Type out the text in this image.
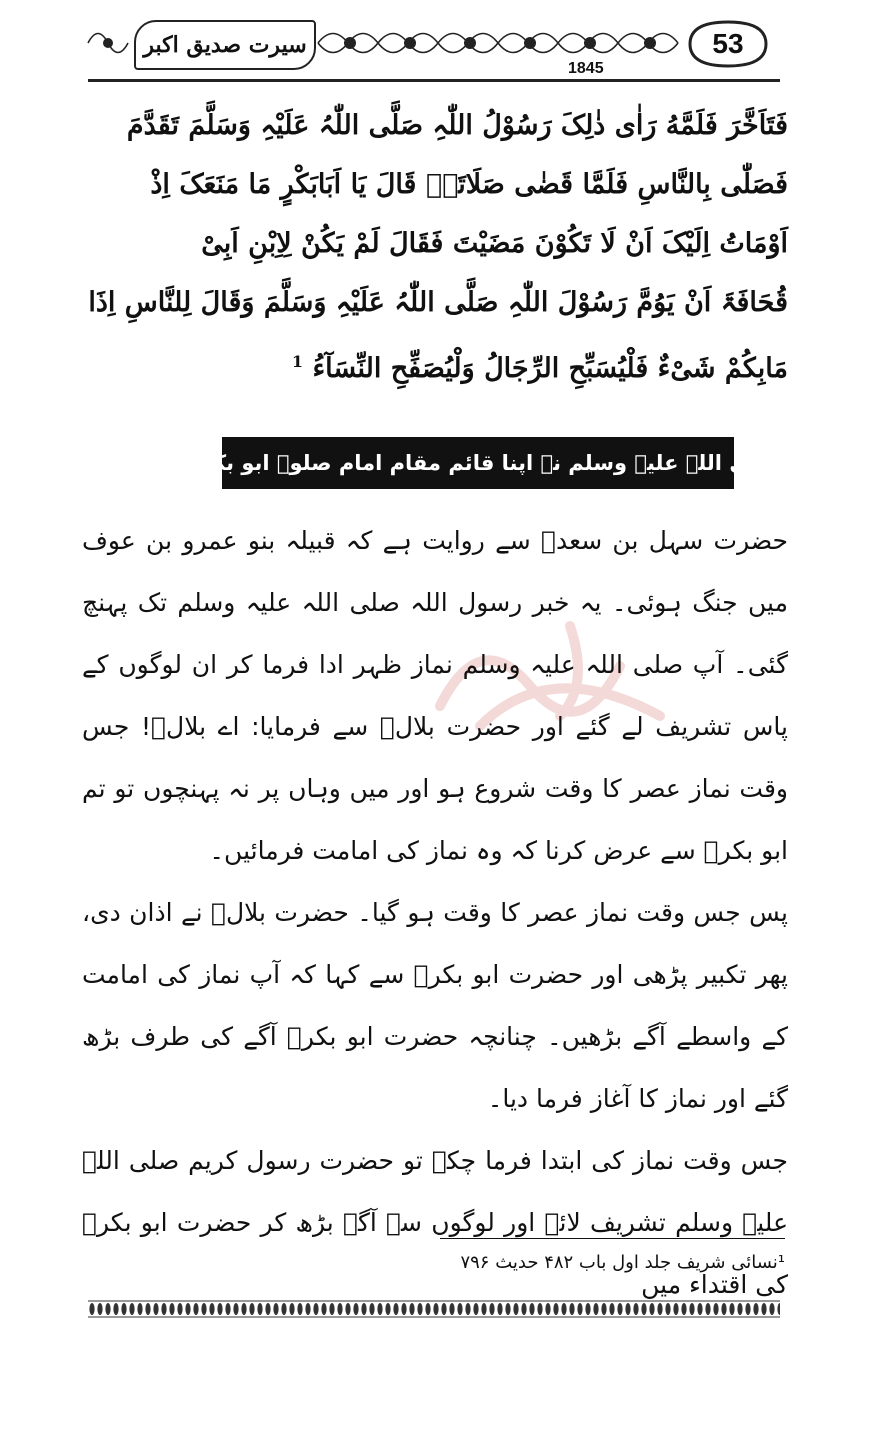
سیرت صدیق اکبر	53
1845
فَتَاَخَّرَ فَلَمَّهُ رَاٰی ذٰلِکَ رَسُوْلُ اللّٰہِ صَلَّی اللّٰہُ عَلَیْہِ وَسَلَّمَ تَقَدَّمَ
فَصَلّٰی بِالنَّاسِ فَلَمَّا قَضٰی صَلَاتَہٗ قَالَ یَا اَبَابَکْرٍ مَا مَنَعَکَ اِذْ
اَوْمَاتُ اِلَیْکَ اَنْ لَا تَکُوْنَ مَضَیْتَ فَقَالَ لَمْ یَکُنْ لِاِبْنِ اَبِیْ
قُحَافَۃَ اَنْ یَوُمَّ رَسُوْلَ اللّٰہِ صَلَّی اللّٰہُ عَلَیْہِ وَسَلَّمَ وَقَالَ لِلنَّاسِ اِذَا
مَابِکُمْ شَیْءٌ فَلْیُسَبِّحِ الرِّجَالُ وَلْیُصَفِّحِ النِّسَآءُ $^1$
حضور صلی اللہ علیہ وسلم نے اپنا قائم مقام امام صلوۃ ابو بکرؓ کو بنایا

حضرت سہل بن سعدؓ سے روایت ہے کہ قبیلہ بنو عمرو بن عوف میں جنگ ہوئی۔ یہ خبر رسول اللہ صلی اللہ علیہ وسلم تک پہنچ گئی۔ آپ صلی اللہ علیہ وسلم نماز ظہر ادا فرما کر ان لوگوں کے پاس تشریف لے گئے اور حضرت بلالؓ سے فرمایا: اے بلالؓ! جس وقت نماز عصر کا وقت شروع ہو اور میں وہاں پر نہ پہنچوں تو تم ابو بکرؓ سے عرض کرنا کہ وہ نماز کی امامت فرمائیں۔

پس جس وقت نماز عصر کا وقت ہو گیا۔ حضرت بلالؓ نے اذان دی، پھر تکبیر پڑھی اور حضرت ابو بکرؓ سے کہا کہ آپ نماز کی امامت کے واسطے آگے بڑھیں۔ چنانچہ حضرت ابو بکرؓ آگے کی طرف بڑھ گئے اور نماز کا آغاز فرما دیا۔

جس وقت نماز کی ابتدا فرما چکے تو حضرت رسول کریم صلی اللہ علیہ وسلم تشریف لائے اور لوگوں سے آگے بڑھ کر حضرت ابو بکرؓ کی اقتداء میں

¹نسائی شریف جلد اول باب ۴۸۲ حدیث ۷۹۶
